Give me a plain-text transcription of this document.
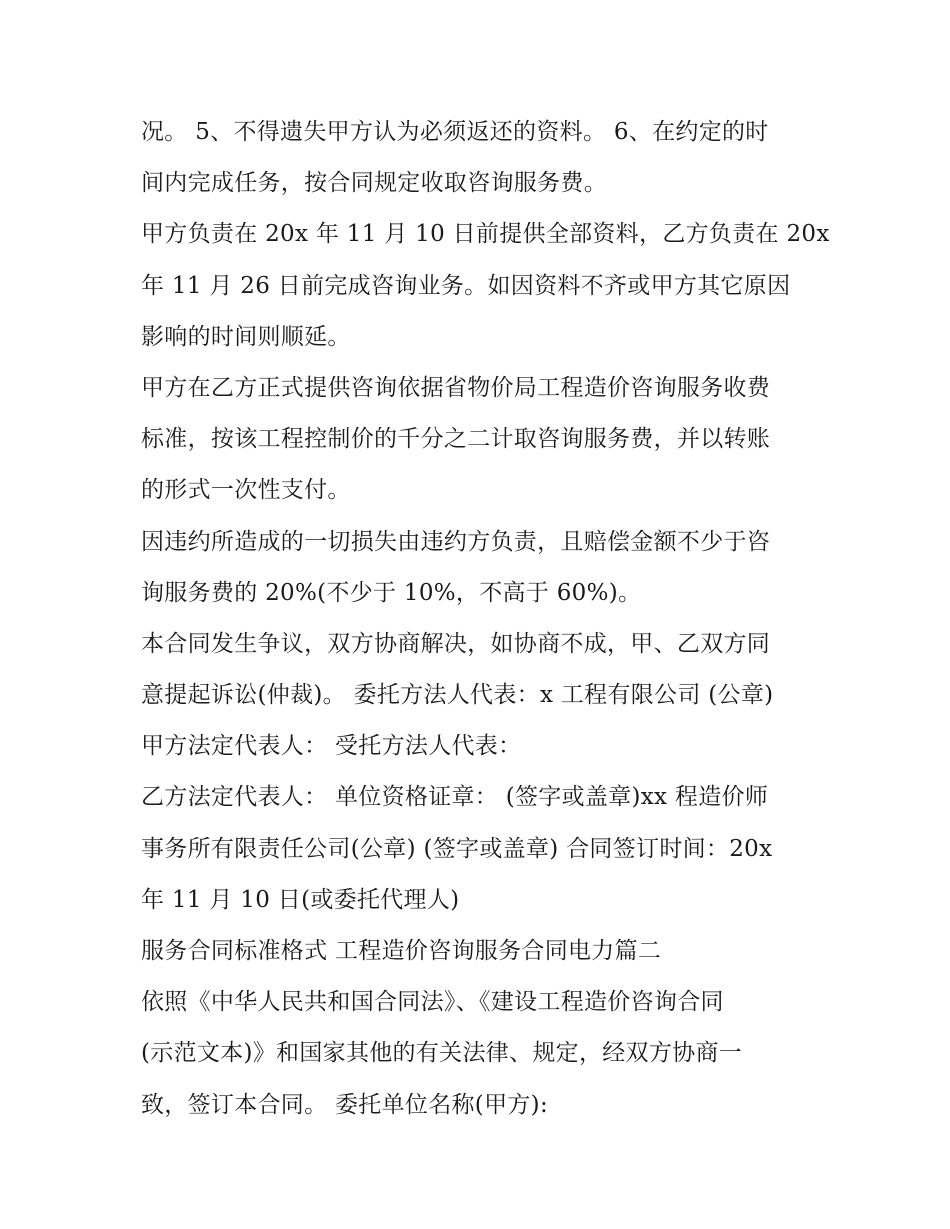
况。 5、不得遗失甲方认为必须返还的资料。 6、在约定的时
间内完成任务，按合同规定收取咨询服务费。
甲方负责在 20x 年 11 月 10 日前提供全部资料，乙方负责在 20x
年 11 月 26 日前完成咨询业务。如因资料不齐或甲方其它原因
影响的时间则顺延。
甲方在乙方正式提供咨询依据省物价局工程造价咨询服务收费
标准，按该工程控制价的千分之二计取咨询服务费，并以转账
的形式一次性支付。
因违约所造成的一切损失由违约方负责，且赔偿金额不少于咨
询服务费的 20%(不少于 10%，不高于 60%)。
本合同发生争议，双方协商解决，如协商不成，甲、乙双方同
意提起诉讼(仲裁)。 委托方法人代表：x 工程有限公司 (公章)
甲方法定代表人： 受托方法人代表：
乙方法定代表人： 单位资格证章： (签字或盖章)xx 程造价师
事务所有限责任公司(公章) (签字或盖章) 合同签订时间：20x
年 11 月 10 日(或委托代理人)
服务合同标准格式 工程造价咨询服务合同电力篇二
依照《中华人民共和国合同法》、《建设工程造价咨询合同
(示范文本)》和国家其他的有关法律、规定，经双方协商一
致，签订本合同。 委托单位名称(甲方):
